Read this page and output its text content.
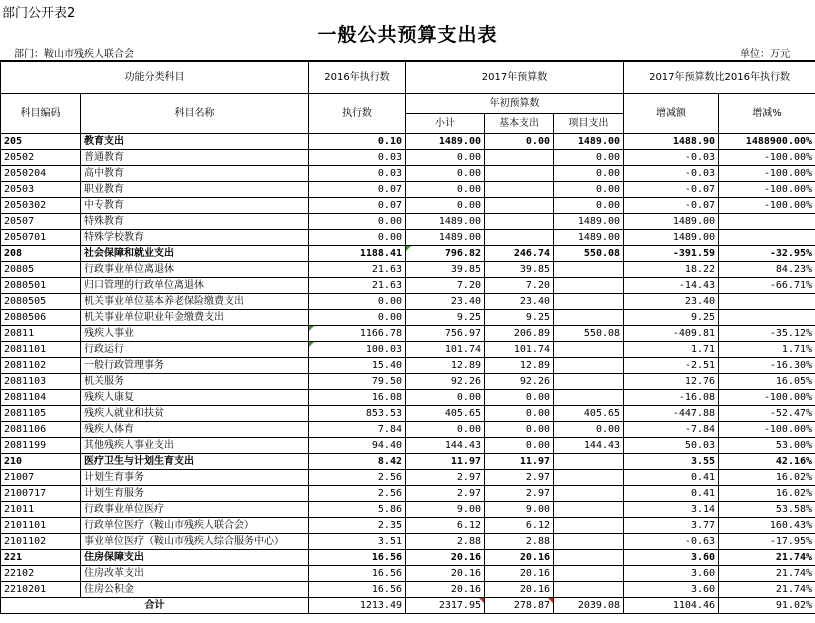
部门公开表2
一般公共预算支出表
部门：鞍山市残疾人联合会	单位：万元
功能分类科目		2016年执行数	2017年预算数			2017年预算数比2016年执行数	
科目编码	科目名称	执行数	年初预算数			增减额	增减%
			小计	基本支出	项目支出		
205	教育支出	0.10	1489.00	0.00	1489.00	1488.90	1488900.00%
20502	普通教育	0.03	0.00		0.00	-0.03	-100.00%
2050204	高中教育	0.03	0.00		0.00	-0.03	-100.00%
20503	职业教育	0.07	0.00		0.00	-0.07	-100.00%
2050302	中专教育	0.07	0.00		0.00	-0.07	-100.00%
20507	特殊教育	0.00	1489.00		1489.00	1489.00	
2050701	特殊学校教育	0.00	1489.00		1489.00	1489.00	
208	社会保障和就业支出	1188.41	796.82	246.74	550.08	-391.59	-32.95%
20805	行政事业单位离退休	21.63	39.85	39.85		18.22	84.23%
2080501	归口管理的行政单位离退休	21.63	7.20	7.20		-14.43	-66.71%
2080505	机关事业单位基本养老保险缴费支出	0.00	23.40	23.40		23.40	
2080506	机关事业单位职业年金缴费支出	0.00	9.25	9.25		9.25	
20811	残疾人事业	1166.78	756.97	206.89	550.08	-409.81	-35.12%
2081101	行政运行	100.03	101.74	101.74		1.71	1.71%
2081102	一般行政管理事务	15.40	12.89	12.89		-2.51	-16.30%
2081103	机关服务	79.50	92.26	92.26		12.76	16.05%
2081104	残疾人康复	16.08	0.00	0.00		-16.08	-100.00%
2081105	残疾人就业和扶贫	853.53	405.65	0.00	405.65	-447.88	-52.47%
2081106	残疾人体育	7.84	0.00	0.00	0.00	-7.84	-100.00%
2081199	其他残疾人事业支出	94.40	144.43	0.00	144.43	50.03	53.00%
210	医疗卫生与计划生育支出	8.42	11.97	11.97		3.55	42.16%
21007	计划生育事务	2.56	2.97	2.97		0.41	16.02%
2100717	计划生育服务	2.56	2.97	2.97		0.41	16.02%
21011	行政事业单位医疗	5.86	9.00	9.00		3.14	53.58%
2101101	行政单位医疗（鞍山市残疾人联合会）	2.35	6.12	6.12		3.77	160.43%
2101102	事业单位医疗（鞍山市残疾人综合服务中心）	3.51	2.88	2.88		-0.63	-17.95%
221	住房保障支出	16.56	20.16	20.16		3.60	21.74%
22102	住房改革支出	16.56	20.16	20.16		3.60	21.74%
2210201	住房公积金	16.56	20.16	20.16		3.60	21.74%
合计		1213.49	2317.95	278.87	2039.08	1104.46	91.02%
